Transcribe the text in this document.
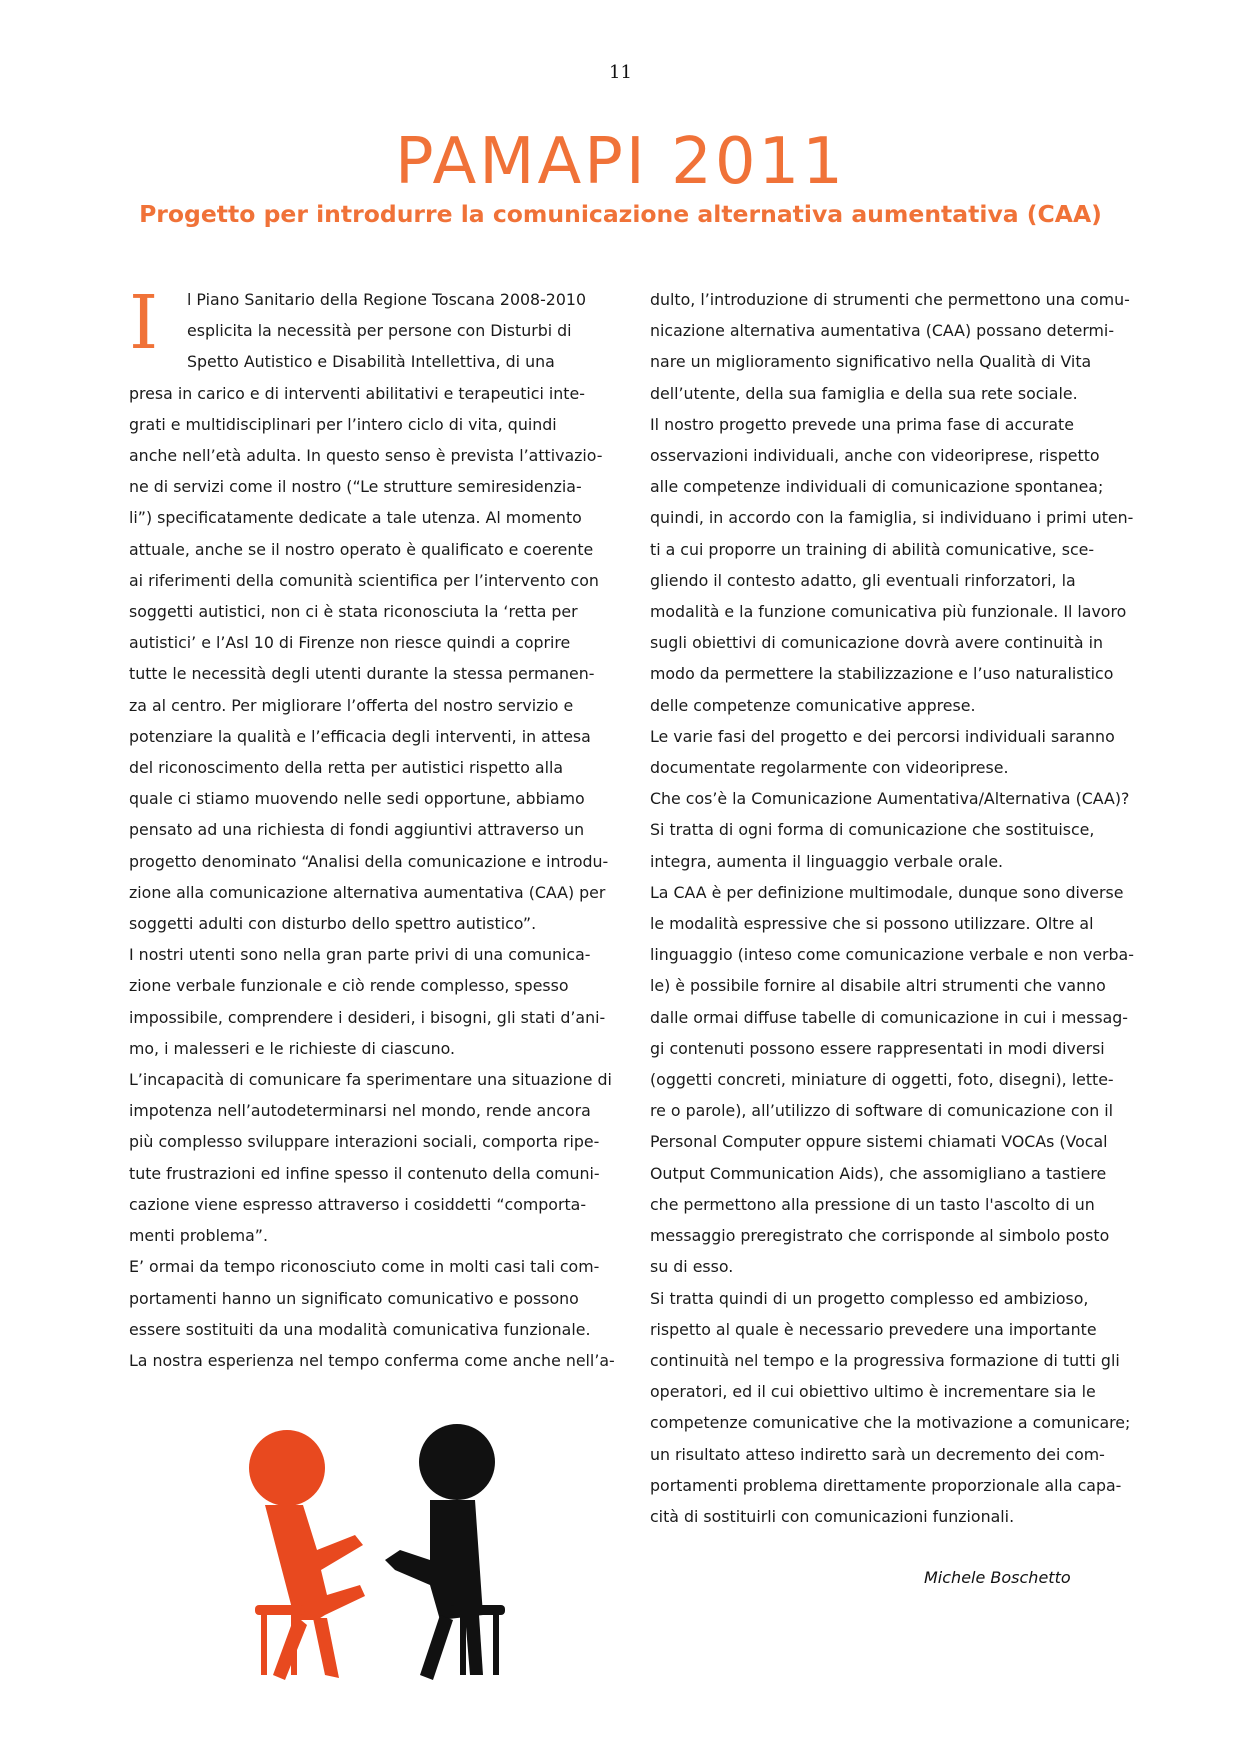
11
PAMAPI 2011
Progetto per introdurre la comunicazione alternativa aumentativa (CAA)
I	l Piano Sanitario della Regione Toscana 2008-2010
esplicita la necessità per persone con Disturbi di
Spetto Autistico e Disabilità Intellettiva, di una
presa in carico e di interventi abilitativi e terapeutici inte-
grati e multidisciplinari per l’intero ciclo di vita, quindi
anche nell’età adulta. In questo senso è prevista l’attivazio-
ne di servizi come il nostro (“Le strutture semiresidenzia-
li”) specificatamente dedicate a tale utenza. Al momento
attuale, anche se il nostro operato è qualificato e coerente
ai riferimenti della comunità scientifica per l’intervento con
soggetti autistici, non ci è stata riconosciuta la ‘retta per
autistici’ e l’Asl 10 di Firenze non riesce quindi a coprire
tutte le necessità degli utenti durante la stessa permanen-
za al centro. Per migliorare l’offerta del nostro servizio e
potenziare la qualità e l’efficacia degli interventi, in attesa
del riconoscimento della retta per autistici rispetto alla
quale ci stiamo muovendo nelle sedi opportune, abbiamo
pensato ad una richiesta di fondi aggiuntivi attraverso un
progetto denominato “Analisi della comunicazione e introdu-
zione alla comunicazione alternativa aumentativa (CAA) per
soggetti adulti con disturbo dello spettro autistico”.
I nostri utenti sono nella gran parte privi di una comunica-
zione verbale funzionale e ciò rende complesso, spesso
impossibile, comprendere i desideri, i bisogni, gli stati d’ani-
mo, i malesseri e le richieste di ciascuno.
L’incapacità di comunicare fa sperimentare una situazione di
impotenza nell’autodeterminarsi nel mondo, rende ancora
più complesso sviluppare interazioni sociali, comporta ripe-
tute frustrazioni ed infine spesso il contenuto della comuni-
cazione viene espresso attraverso i cosiddetti “comporta-
menti problema”.
E’ ormai da tempo riconosciuto come in molti casi tali com-
portamenti hanno un significato comunicativo e possono
essere sostituiti da una modalità comunicativa funzionale.
La nostra esperienza nel tempo conferma come anche nell’a-
dulto, l’introduzione di strumenti che permettono una comu-
nicazione alternativa aumentativa (CAA) possano determi-
nare un miglioramento significativo nella Qualità di Vita
dell’utente, della sua famiglia e della sua rete sociale.
Il nostro progetto prevede una prima fase di accurate
osservazioni individuali, anche con videoriprese, rispetto
alle competenze individuali di comunicazione spontanea;
quindi, in accordo con la famiglia, si individuano i primi uten-
ti a cui proporre un training di abilità comunicative, sce-
gliendo il contesto adatto, gli eventuali rinforzatori, la
modalità e la funzione comunicativa più funzionale. Il lavoro
sugli obiettivi di comunicazione dovrà avere continuità in
modo da permettere la stabilizzazione e l’uso naturalistico
delle competenze comunicative apprese.
Le varie fasi del progetto e dei percorsi individuali saranno
documentate regolarmente con videoriprese.
Che cos’è la Comunicazione Aumentativa/Alternativa (CAA)?
Si tratta di ogni forma di comunicazione che sostituisce,
integra, aumenta il linguaggio verbale orale.
La CAA è per definizione multimodale, dunque sono diverse
le modalità espressive che si possono utilizzare. Oltre al
linguaggio (inteso come comunicazione verbale e non verba-
le) è possibile fornire al disabile altri strumenti che vanno
dalle ormai diffuse tabelle di comunicazione in cui i messag-
gi contenuti possono essere rappresentati in modi diversi
(oggetti concreti, miniature di oggetti, foto, disegni), lette-
re o parole), all’utilizzo di software di comunicazione con il
Personal Computer oppure sistemi chiamati VOCAs (Vocal
Output Communication Aids), che assomigliano a tastiere
che permettono alla pressione di un tasto l'ascolto di un
messaggio preregistrato che corrisponde al simbolo posto
su di esso.
Si tratta quindi di un progetto complesso ed ambizioso,
rispetto al quale è necessario prevedere una importante
continuità nel tempo e la progressiva formazione di tutti gli
operatori, ed il cui obiettivo ultimo è incrementare sia le
competenze comunicative che la motivazione a comunicare;
un risultato atteso indiretto sarà un decremento dei com-
portamenti problema direttamente proporzionale alla capa-
cità di sostituirli con comunicazioni funzionali.
Michele Boschetto
